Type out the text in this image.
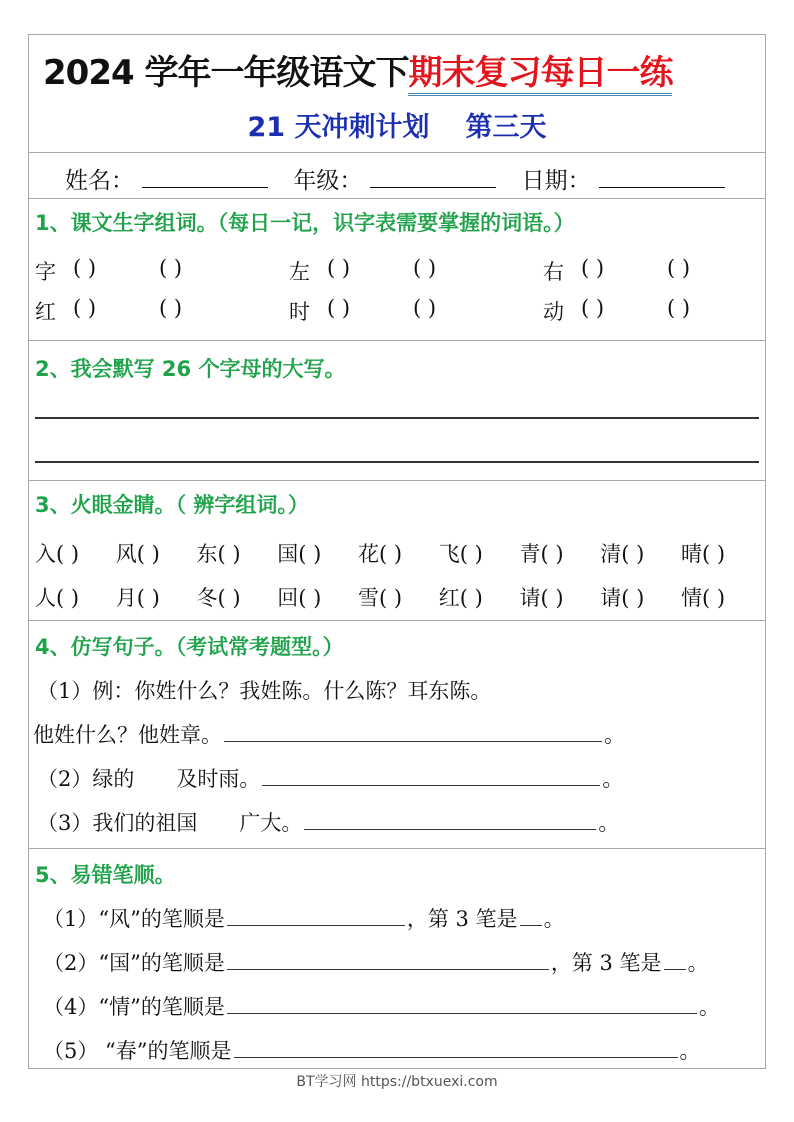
2024 学年一年级语文下期末复习每日一练
21 天冲刺计划 第三天
姓名：	年级：	日期：
1、课文生字组词。（每日一记，识字表需要掌握的词语。）
字 ( )	( )	左 ( )	( )	右 ( )	( )
红 ( )	( )	时 ( )	( )	动 ( )	( )
2、我会默写 26 个字母的大写。
3、火眼金睛。（ 辨字组词。）
入( )	风( )	东( )	国( )	花( )	飞( )	青( )	清( )	晴( )
人( )	月( )	冬( )	回( )	雪( )	红( )	请( )	请( )	情( )
4、仿写句子。（考试常考题型。）
（1）例：你姓什么？我姓陈。什么陈？耳东陈。
他姓什么？他姓章。	。
（2）绿的　　及时雨。	。
（3）我们的祖国　　广大。	。
5、易错笔顺。
（1）“风”的笔顺是	，第 3 笔是 。
（2）“国”的笔顺是	，第 3 笔是 。
（4）“情”的笔顺是	。
（5） “春”的笔顺是	。
BT学习网 https://btxuexi.com
